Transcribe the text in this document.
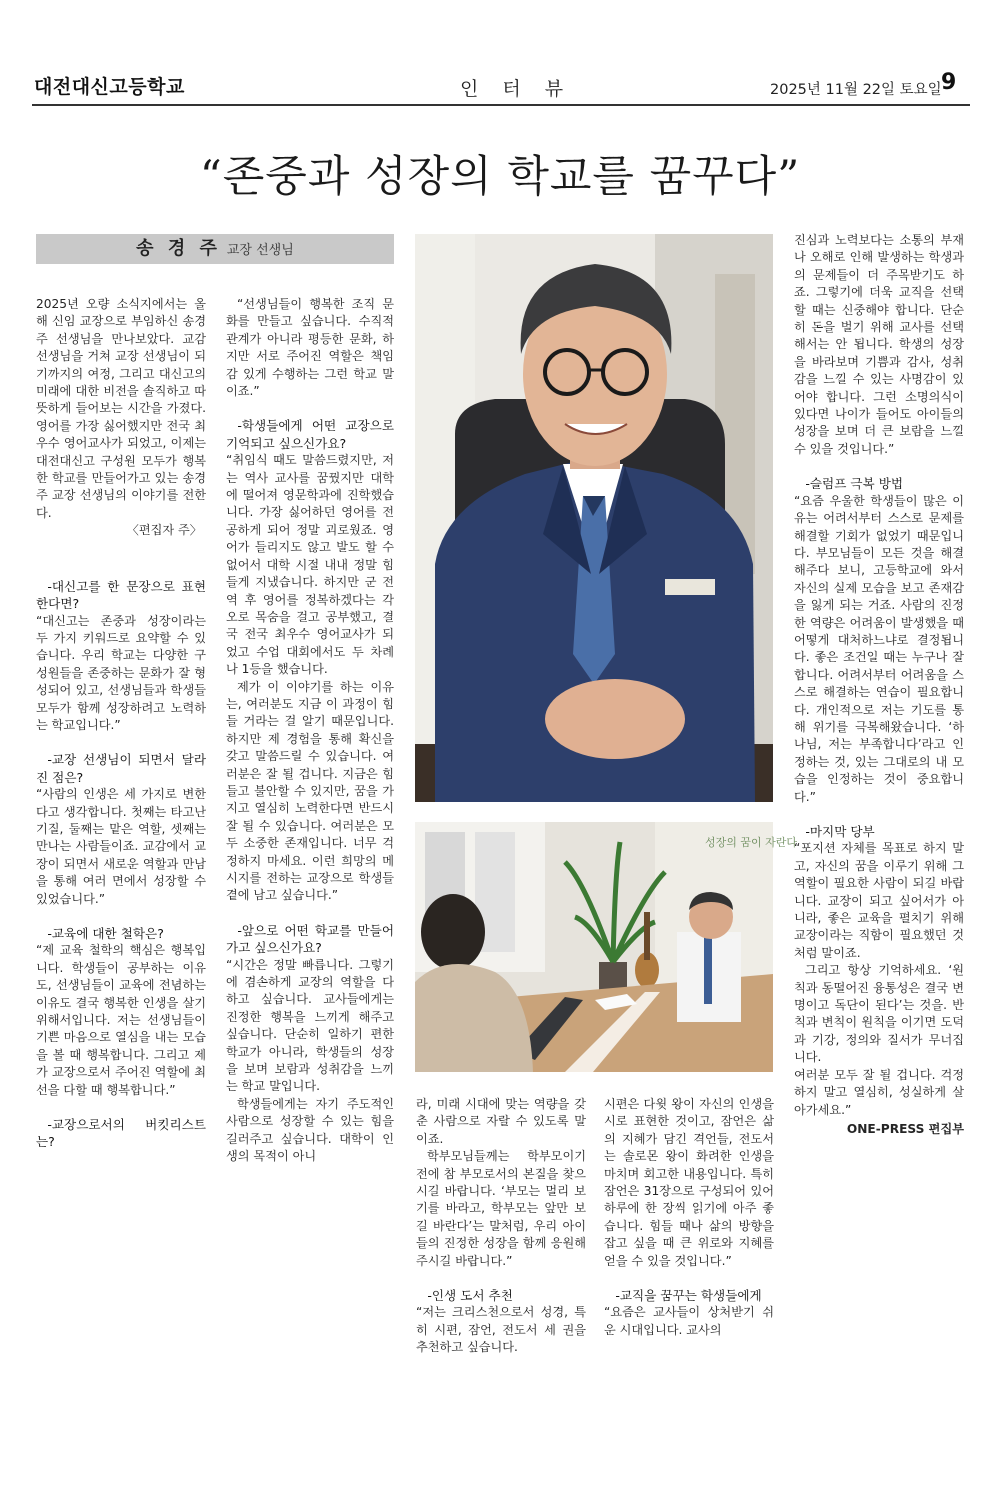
대전대신고등학교	인 터 뷰	2025년 11월 22일 토요일 9
“존중과 성장의 학교를 꿈꾸다”
송 경 주 교장 선생님

2025년 오량 소식지에서는 올해 신임 교장으로 부임하신 송경주 선생님을 만나보았다. 교감 선생님을 거쳐 교장 선생님이 되기까지의 여정, 그리고 대신고의 미래에 대한 비전을 솔직하고 따뜻하게 들어보는 시간을 가졌다. 영어를 가장 싫어했지만 전국 최우수 영어교사가 되었고, 이제는 대전대신고 구성원 모두가 행복한 학교를 만들어가고 있는 송경주 교장 선생님의 이야기를 전한다.

〈편집자 주〉

-대신고를 한 문장으로 표현한다면?

“대신고는 존중과 성장이라는 두 가지 키워드로 요약할 수 있습니다. 우리 학교는 다양한 구성원들을 존중하는 문화가 잘 형성되어 있고, 선생님들과 학생들 모두가 함께 성장하려고 노력하는 학교입니다.”

-교장 선생님이 되면서 달라진 점은?

“사람의 인생은 세 가지로 변한다고 생각합니다. 첫째는 타고난 기질, 둘째는 맡은 역할, 셋째는 만나는 사람들이죠. 교감에서 교장이 되면서 새로운 역할과 만남을 통해 여러 면에서 성장할 수 있었습니다.”

-교육에 대한 철학은?

“제 교육 철학의 핵심은 행복입니다. 학생들이 공부하는 이유도, 선생님들이 교육에 전념하는 이유도 결국 행복한 인생을 살기 위해서입니다. 저는 선생님들이 기쁜 마음으로 열심을 내는 모습을 볼 때 행복합니다. 그리고 제가 교장으로서 주어진 역할에 최선을 다할 때 행복합니다.”

-교장으로서의 버킷리스트는?

“선생님들이 행복한 조직 문화를 만들고 싶습니다. 수직적 관계가 아니라 평등한 문화, 하지만 서로 주어진 역할은 책임감 있게 수행하는 그런 학교 말이죠.”

-학생들에게 어떤 교장으로 기억되고 싶으신가요?

“취임식 때도 말씀드렸지만, 저는 역사 교사를 꿈꿨지만 대학에 떨어져 영문학과에 진학했습니다. 가장 싫어하던 영어를 전공하게 되어 정말 괴로웠죠. 영어가 들리지도 않고 발도 할 수 없어서 대학 시절 내내 정말 힘들게 지냈습니다. 하지만 군 전역 후 영어를 정복하겠다는 각오로 목숨을 걸고 공부했고, 결국 전국 최우수 영어교사가 되었고 수업 대회에서도 두 차례나 1등을 했습니다.

제가 이 이야기를 하는 이유는, 여러분도 지금 이 과정이 힘들 거라는 걸 알기 때문입니다. 하지만 제 경험을 통해 확신을 갖고 말씀드릴 수 있습니다. 여러분은 잘 될 겁니다. 지금은 힘들고 불안할 수 있지만, 꿈을 가지고 열심히 노력한다면 반드시 잘 될 수 있습니다. 여러분은 모두 소중한 존재입니다. 너무 걱정하지 마세요. 이런 희망의 메시지를 전하는 교장으로 학생들 곁에 남고 싶습니다.”

-앞으로 어떤 학교를 만들어 가고 싶으신가요?

“시간은 정말 빠릅니다. 그렇기에 겸손하게 교장의 역할을 다하고 싶습니다. 교사들에게는 진정한 행복을 느끼게 해주고 싶습니다. 단순히 일하기 편한 학교가 아니라, 학생들의 성장을 보며 보람과 성취감을 느끼는 학교 말입니다.

학생들에게는 자기 주도적인 사람으로 성장할 수 있는 힘을 길러주고 싶습니다. 대학이 인생의 목적이 아니

성장의 꿈이 자란다

라, 미래 시대에 맞는 역량을 갖춘 사람으로 자랄 수 있도록 말이죠.

학부모님들께는 학부모이기 전에 참 부모로서의 본질을 찾으시길 바랍니다. ‘부모는 멀리 보기를 바라고, 학부모는 앞만 보길 바란다’는 말처럼, 우리 아이들의 진정한 성장을 함께 응원해 주시길 바랍니다.”

-인생 도서 추천

“저는 크리스천으로서 성경, 특히 시편, 잠언, 전도서 세 권을 추천하고 싶습니다.

시편은 다윗 왕이 자신의 인생을 시로 표현한 것이고, 잠언은 삶의 지혜가 담긴 격언들, 전도서는 솔로몬 왕이 화려한 인생을 마치며 회고한 내용입니다. 특히 잠언은 31장으로 구성되어 있어 하루에 한 장씩 읽기에 아주 좋습니다. 힘들 때나 삶의 방향을 잡고 싶을 때 큰 위로와 지혜를 얻을 수 있을 것입니다.”

-교직을 꿈꾸는 학생들에게

“요즘은 교사들이 상처받기 쉬운 시대입니다. 교사의

진심과 노력보다는 소통의 부재나 오해로 인해 발생하는 학생과의 문제들이 더 주목받기도 하죠. 그렇기에 더욱 교직을 선택할 때는 신중해야 합니다. 단순히 돈을 벌기 위해 교사를 선택해서는 안 됩니다. 학생의 성장을 바라보며 기쁨과 감사, 성취감을 느낄 수 있는 사명감이 있어야 합니다. 그런 소명의식이 있다면 나이가 들어도 아이들의 성장을 보며 더 큰 보람을 느낄 수 있을 것입니다.”

-슬럼프 극복 방법

“요즘 우울한 학생들이 많은 이유는 어려서부터 스스로 문제를 해결할 기회가 없었기 때문입니다. 부모님들이 모든 것을 해결해주다 보니, 고등학교에 와서 자신의 실제 모습을 보고 존재감을 잃게 되는 거죠. 사람의 진정한 역량은 어려움이 발생했을 때 어떻게 대처하느냐로 결정됩니다. 좋은 조건일 때는 누구나 잘합니다. 어려서부터 어려움을 스스로 해결하는 연습이 필요합니다. 개인적으로 저는 기도를 통해 위기를 극복해왔습니다. ‘하나님, 저는 부족합니다’라고 인정하는 것, 있는 그대로의 내 모습을 인정하는 것이 중요합니다.”

-마지막 당부

“포지션 자체를 목표로 하지 말고, 자신의 꿈을 이루기 위해 그 역할이 필요한 사람이 되길 바랍니다. 교장이 되고 싶어서가 아니라, 좋은 교육을 펼치기 위해 교장이라는 직함이 필요했던 것처럼 말이죠.

그리고 항상 기억하세요. ‘원칙과 동떨어진 융통성은 결국 변명이고 독단이 된다’는 것을. 반칙과 변칙이 원칙을 이기면 도덕과 기강, 정의와 질서가 무너집니다.

여러분 모두 잘 될 겁니다. 걱정하지 말고 열심히, 성실하게 살아가세요.”

ONE-PRESS 편집부
